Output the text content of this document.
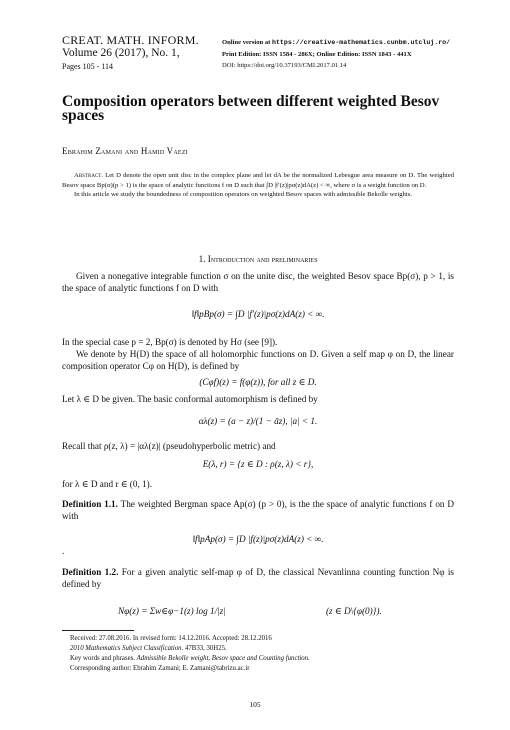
CREAT. MATH. INFORM.
Volume 26 (2017), No. 1,
Pages 105 - 114
Online version at https://creative-mathematics.cunbm.utcluj.ro/
Print Edition: ISSN 1584 - 286X; Online Edition: ISSN 1843 - 441X
DOI: https://doi.org/10.37193/CMI.2017.01.14
Composition operators between different weighted Besov spaces
Ebrahim Zamani and Hamid Vaezi
Abstract. Let D denote the open unit disc in the complex plane and let dA be the normalized Lebesgue area measure on D. The weighted Besov space Bp(σ)(p > 1) is the space of analytic functions f on D such that ∫D |f′(z)|pσ(z)dA(z) < ∞, where σ is a weight function on D.
In this article we study the boundedness of composition operators on weighted Besov spaces with admissible Bekolle weights.
1. Introduction and preliminaries
Given a nonegative integrable function σ on the unite disc, the weighted Besov space Bp(σ), p > 1, is the space of analytic functions f on D with
‖f‖pBp(σ) = ∫D |f′(z)|pσ(z)dA(z) < ∞.
In the special case p = 2, Bp(σ) is denoted by Hσ (see [9]).
We denote by H(D) the space of all holomorphic functions on D. Given a self map φ on D, the linear composition operator Cφ on H(D), is defined by
(Cφf)(z) = f(φ(z)), for all z ∈ D.
Let λ ∈ D be given. The basic conformal automorphism is defined by
αλ(z) = (a − z)/(1 − āz), |a| < 1.
Recall that ρ(z, λ) = |αλ(z)| (pseudohyperbolic metric) and
E(λ, r) = {z ∈ D : ρ(z, λ) < r},
for λ ∈ D and r ∈ (0, 1).
Definition 1.1. The weighted Bergman space Ap(σ) (p > 0), is the the space of analytic functions f on D with
‖f‖pAp(σ) = ∫D |f(z)|pσ(z)dA(z) < ∞.
.
Definition 1.2. For a given analytic self-map φ of D, the classical Nevanlinna counting function Nφ is defined by
Nφ(z) = Σw∈φ−1(z) log 1/|z|	(z ∈ D\{φ(0)}).
Received: 27.08.2016. In revised form: 14.12.2016. Accepted: 28.12.2016
2010 Mathematics Subject Classification. 47B33, 30H25.
Key words and phrases. Admissible Bekolle weight, Besov space and Counting function.
Corresponding author: Ebrahim Zamani; E. Zamani@tabrizu.ac.ir
105
